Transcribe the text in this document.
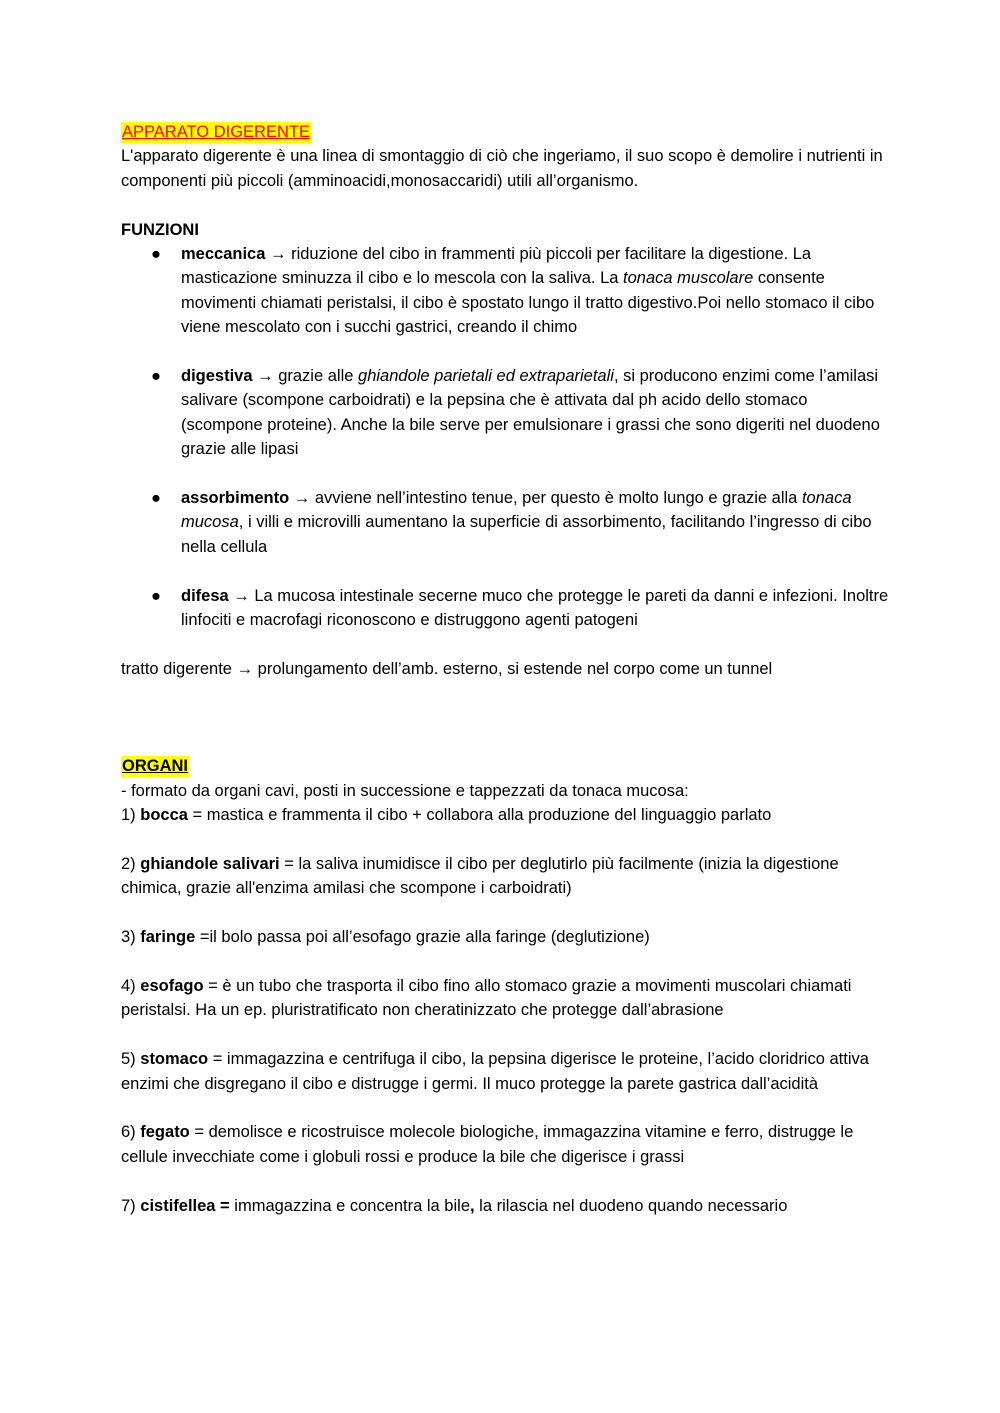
APPARATO DIGERENTE

L'apparato digerente è una linea di smontaggio di ciò che ingeriamo, il suo scopo è demolire i nutrienti in componenti più piccoli (amminoacidi,monosaccaridi) utili all’organismo.

FUNZIONI

● meccanica → riduzione del cibo in frammenti più piccoli per facilitare la digestione. La masticazione sminuzza il cibo e lo mescola con la saliva. La tonaca muscolare consente movimenti chiamati peristalsi, il cibo è spostato lungo il tratto digestivo.Poi nello stomaco il cibo viene mescolato con i succhi gastrici, creando il chimo
● digestiva → grazie alle ghiandole parietali ed extraparietali, si producono enzimi come l’amilasi salivare (scompone carboidrati) e la pepsina che è attivata dal ph acido dello stomaco (scompone proteine). Anche la bile serve per emulsionare i grassi che sono digeriti nel duodeno grazie alle lipasi
● assorbimento → avviene nell’intestino tenue, per questo è molto lungo e grazie alla tonaca mucosa, i villi e microvilli aumentano la superficie di assorbimento, facilitando l’ingresso di cibo nella cellula
● difesa → La mucosa intestinale secerne muco che protegge le pareti da danni e infezioni. Inoltre linfociti e macrofagi riconoscono e distruggono agenti patogeni

tratto digerente → prolungamento dell’amb. esterno, si estende nel corpo come un tunnel

ORGANI

- formato da organi cavi, posti in successione e tappezzati da tonaca mucosa:

1) bocca = mastica e frammenta il cibo + collabora alla produzione del linguaggio parlato

2) ghiandole salivari = la saliva inumidisce il cibo per deglutirlo più facilmente (inizia la digestione chimica, grazie all'enzima amilasi che scompone i carboidrati)

3) faringe =il bolo passa poi all’esofago grazie alla faringe (deglutizione)

4) esofago = è un tubo che trasporta il cibo fino allo stomaco grazie a movimenti muscolari chiamati peristalsi. Ha un ep. pluristratificato non cheratinizzato che protegge dall’abrasione

5) stomaco = immagazzina e centrifuga il cibo, la pepsina digerisce le proteine, l’acido cloridrico attiva enzimi che disgregano il cibo e distrugge i germi. Il muco protegge la parete gastrica dall’acidità

6) fegato = demolisce e ricostruisce molecole biologiche, immagazzina vitamine e ferro, distrugge le cellule invecchiate come i globuli rossi e produce la bile che digerisce i grassi

7) cistifellea = immagazzina e concentra la bile, la rilascia nel duodeno quando necessario
